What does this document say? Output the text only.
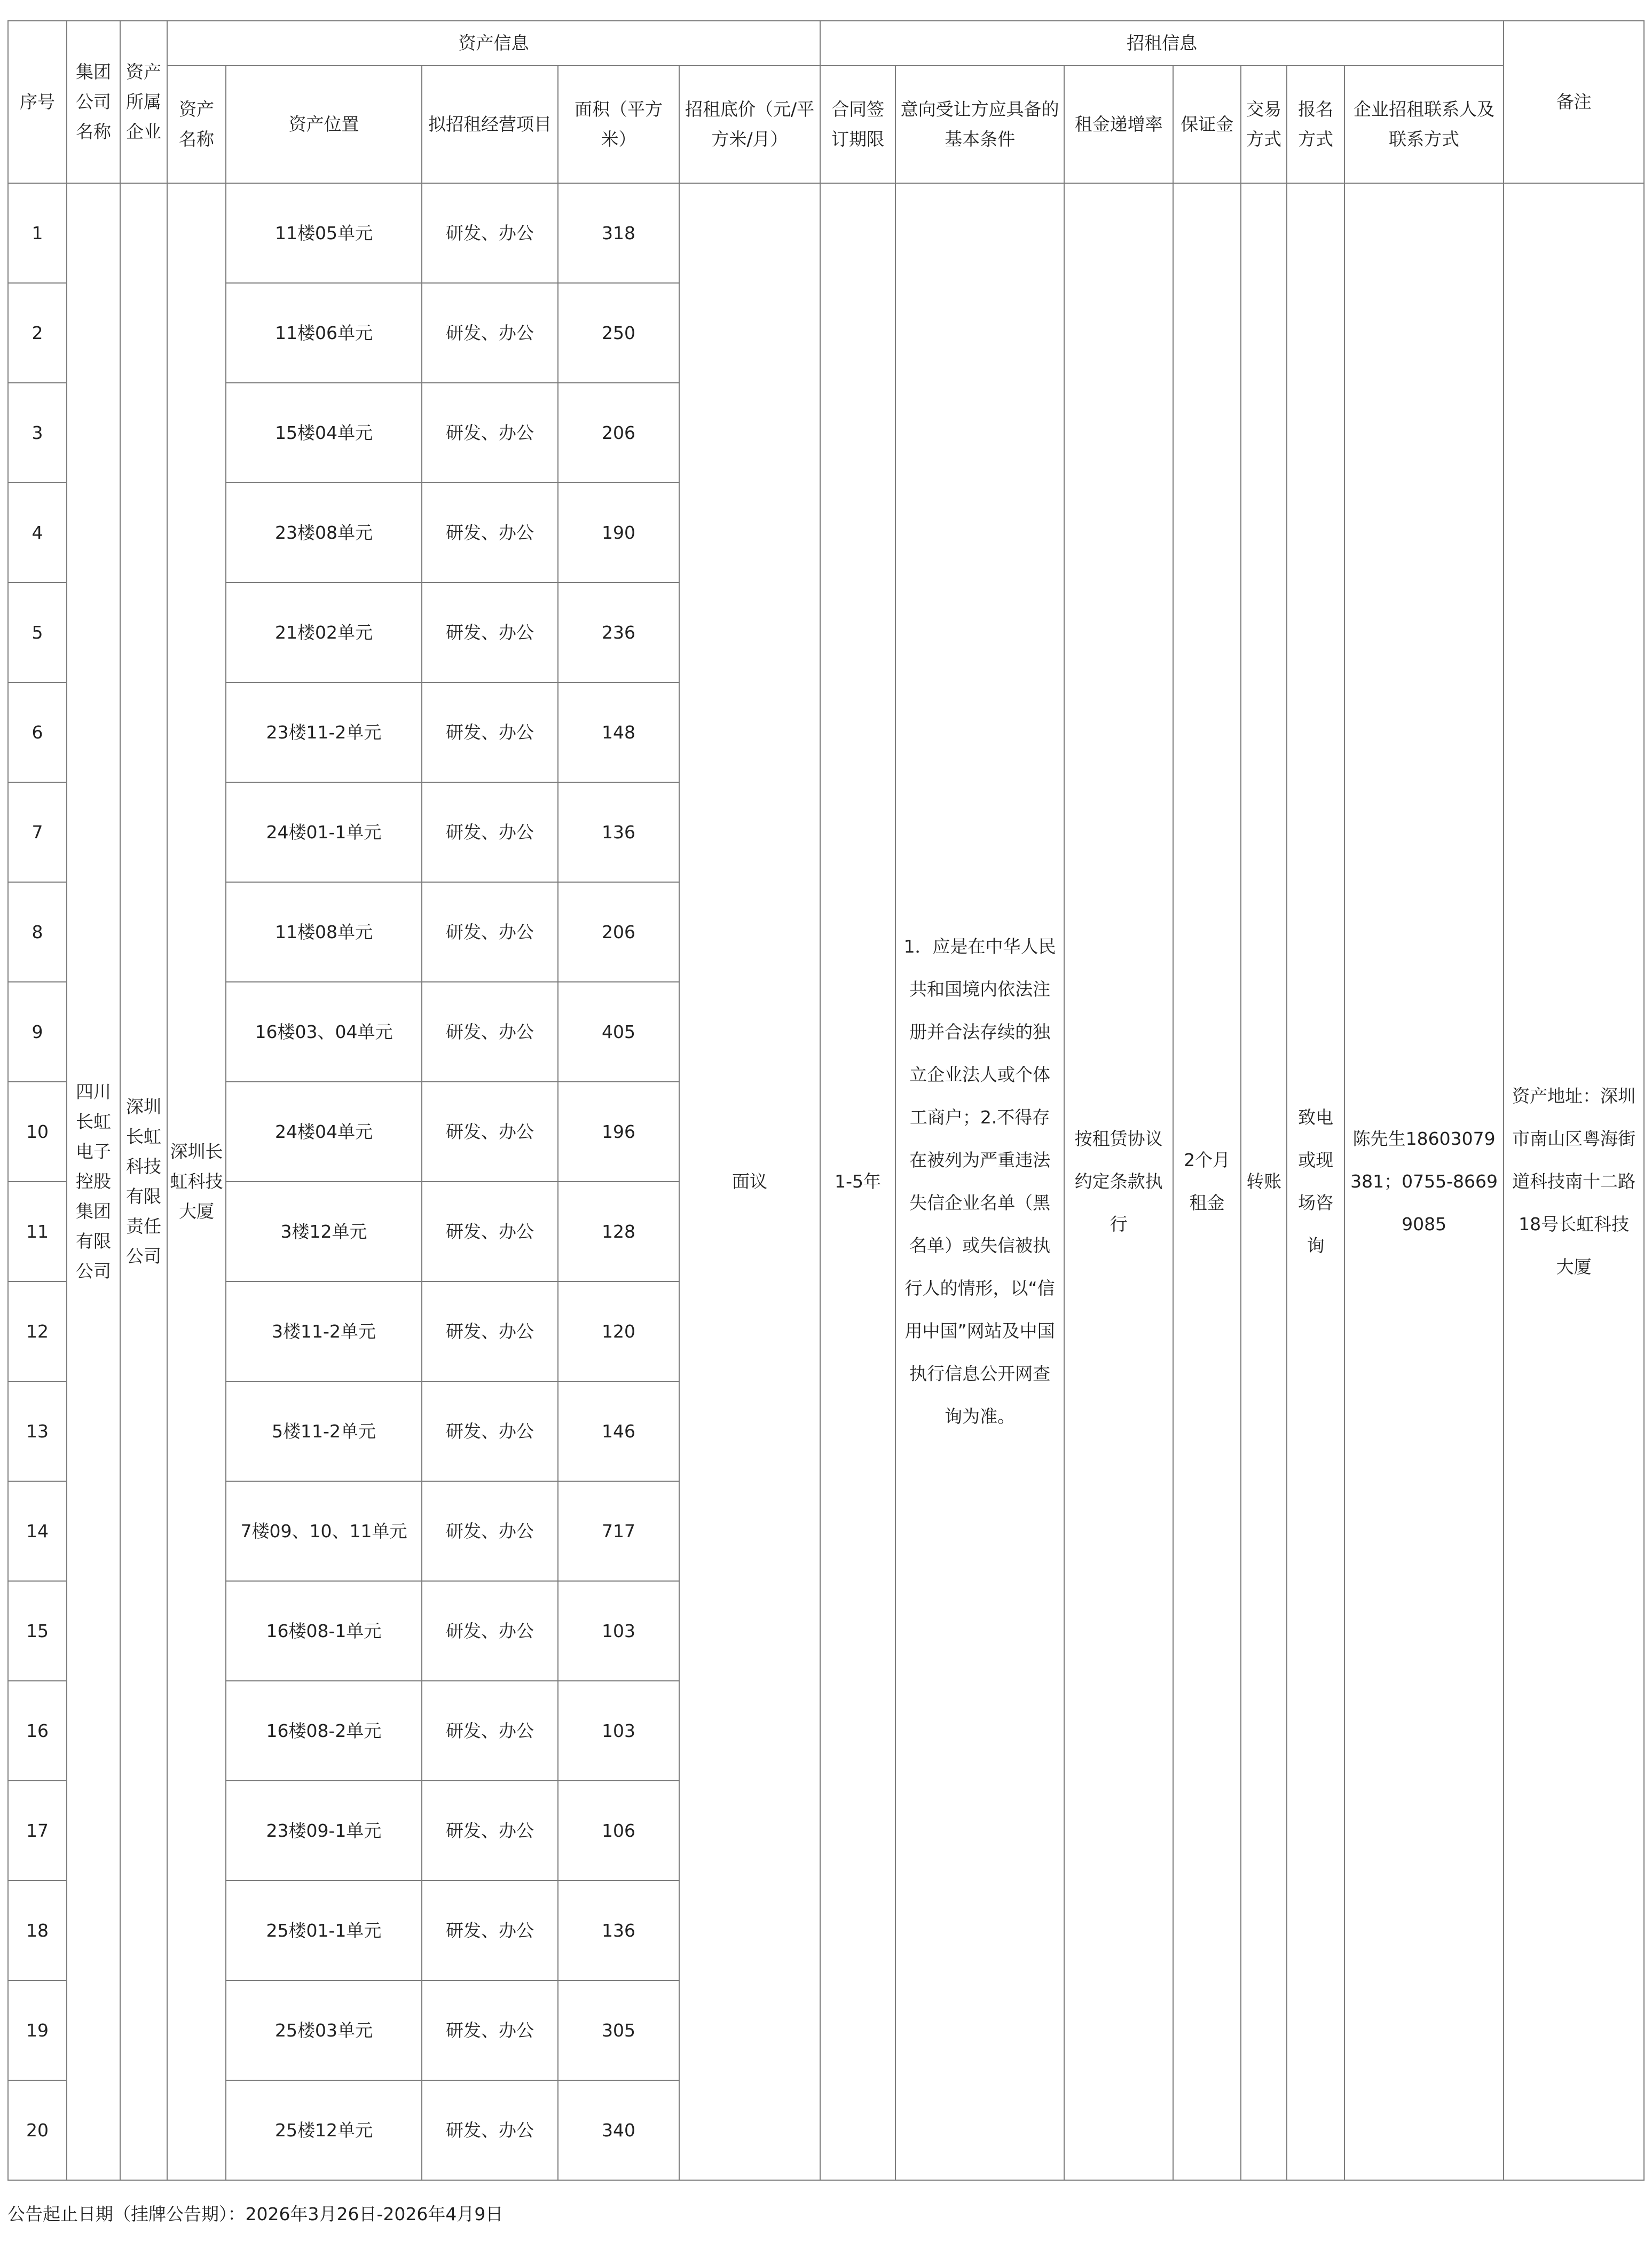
序号	集团公司名称	资产所属企业	资产信息					招租信息							备注
			资产名称	资产位置	拟招租经营项目	面积（平方米）	招租底价（元/平方米/月）	合同签订期限	意向受让方应具备的基本条件	租金递增率	保证金	交易方式	报名方式	企业招租联系人及联系方式	
1	四川长虹电子控股集团有限公司	深圳长虹科技有限责任公司	深圳长虹科技大厦	11楼05单元	研发、办公	318	面议	1-5年	1．应是在中华人民共和国境内依法注册并合法存续的独立企业法人或个体工商户；2.不得存在被列为严重违法失信企业名单（黑名单）或失信被执行人的情形，以“信用中国”网站及中国执行信息公开网查询为准。	按租赁协议约定条款执行	2个月租金	转账	致电或现场咨询	陈先生18603079381；0755-86699085	资产地址：深圳市南山区粤海街道科技南十二路18号长虹科技大厦
2				11楼06单元	研发、办公	250									
3				15楼04单元	研发、办公	206									
4				23楼08单元	研发、办公	190									
5				21楼02单元	研发、办公	236									
6				23楼11-2单元	研发、办公	148									
7				24楼01-1单元	研发、办公	136									
8				11楼08单元	研发、办公	206									
9				16楼03、04单元	研发、办公	405									
10				24楼04单元	研发、办公	196									
11				3楼12单元	研发、办公	128									
12				3楼11-2单元	研发、办公	120									
13				5楼11-2单元	研发、办公	146									
14				7楼09、10、11单元	研发、办公	717									
15				16楼08-1单元	研发、办公	103									
16				16楼08-2单元	研发、办公	103									
17				23楼09-1单元	研发、办公	106									
18				25楼01-1单元	研发、办公	136									
19				25楼03单元	研发、办公	305									
20				25楼12单元	研发、办公	340									
公告起止日期（挂牌公告期）：2026年3月26日-2026年4月9日
